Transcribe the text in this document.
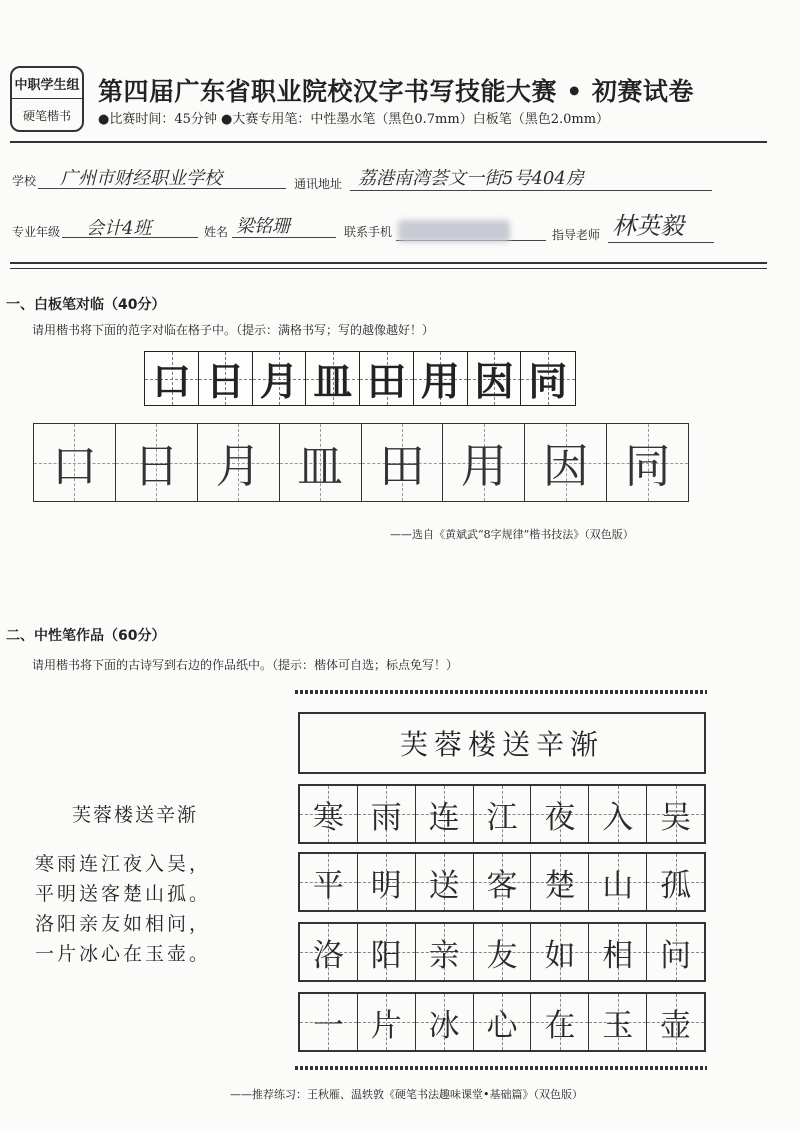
中职学生组
硬笔楷书
第四届广东省职业院校汉字书写技能大赛 • 初赛试卷
●比赛时间：45分钟 ●大赛专用笔：中性墨水笔（黑色0.7mm）白板笔（黑色2.0mm）
学校 广州市财经职业学校	通讯地址 荔港南湾荟文一街5号404房
专业年级 会计4班	姓名 梁铭珊	联系手机	指导老师 林英毅
一、白板笔对临（40分）
请用楷书将下面的范字对临在格子中。（提示：满格书写；写的越像越好！）
口 日 月 皿 田 用 因 同
口 日 月 皿 田 用 因 同
——选自《黄斌武“8字规律”楷书技法》（双色版）
二、中性笔作品（60分）
请用楷书将下面的古诗写到右边的作品纸中。（提示：楷体可自选；标点免写！）
芙蓉楼送辛渐
寒雨连江夜入吴，
平明送客楚山孤。
洛阳亲友如相问，
一片冰心在玉壶。
芙蓉楼送辛渐
寒 雨 连 江 夜 入 吴
平 明 送 客 楚 山 孤
洛 阳 亲 友 如 相 问
一 片 冰 心 在 玉 壶
——推荐练习：王秋雁、温轶敦《硬笔书法趣味课堂•基础篇》（双色版）
